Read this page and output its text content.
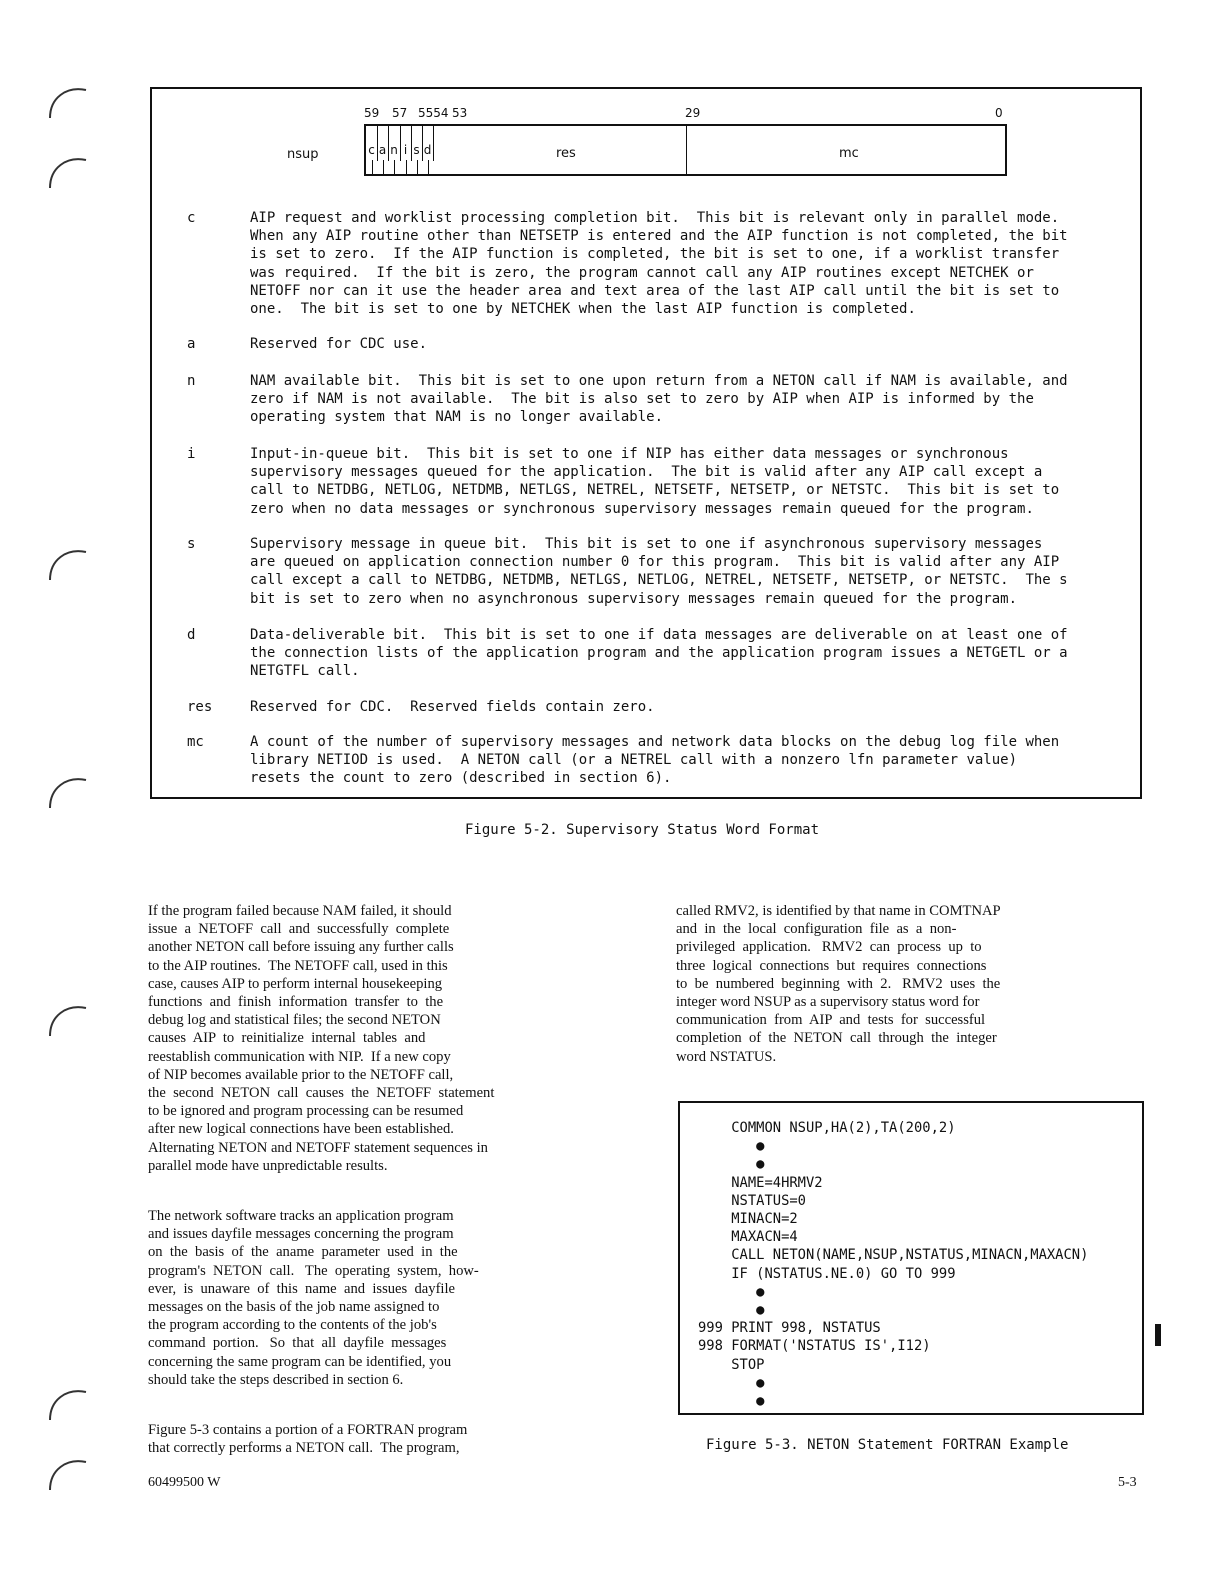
59 57 5554 53	29	0
nsup	c a n i s d	res	mc
c	AIP request and worklist processing completion bit.  This bit is relevant only in parallel mode.
When any AIP routine other than NETSETP is entered and the AIP function is not completed, the bit
is set to zero.  If the AIP function is completed, the bit is set to one, if a worklist transfer
was required.  If the bit is zero, the program cannot call any AIP routines except NETCHEK or
NETOFF nor can it use the header area and text area of the last AIP call until the bit is set to
one.  The bit is set to one by NETCHEK when the last AIP function is completed.
a	Reserved for CDC use.
n	NAM available bit.  This bit is set to one upon return from a NETON call if NAM is available, and
zero if NAM is not available.  The bit is also set to zero by AIP when AIP is informed by the
operating system that NAM is no longer available.
i	Input-in-queue bit.  This bit is set to one if NIP has either data messages or synchronous
supervisory messages queued for the application.  The bit is valid after any AIP call except a
call to NETDBG, NETLOG, NETDMB, NETLGS, NETREL, NETSETF, NETSETP, or NETSTC.  This bit is set to
zero when no data messages or synchronous supervisory messages remain queued for the program.
s	Supervisory message in queue bit.  This bit is set to one if asynchronous supervisory messages
are queued on application connection number 0 for this program.  This bit is valid after any AIP
call except a call to NETDBG, NETDMB, NETLGS, NETLOG, NETREL, NETSETF, NETSETP, or NETSTC.  The s
bit is set to zero when no asynchronous supervisory messages remain queued for the program.
d	Data-deliverable bit.  This bit is set to one if data messages are deliverable on at least one of
the connection lists of the application program and the application program issues a NETGETL or a
NETGTFL call.
res	Reserved for CDC.  Reserved fields contain zero.
mc	A count of the number of supervisory messages and network data blocks on the debug log file when
library NETIOD is used.  A NETON call (or a NETREL call with a nonzero lfn parameter value)
resets the count to zero (described in section 6).
Figure 5-2. Supervisory Status Word Format
If the program failed because NAM failed, it should
issue  a  NETOFF  call  and  successfully  complete
another NETON call before issuing any further calls
to the AIP routines.  The NETOFF call, used in this
case, causes AIP to perform internal housekeeping
functions  and  finish  information  transfer  to  the
debug log and statistical files; the second NETON
causes  AIP  to  reinitialize  internal  tables  and
reestablish communication with NIP.  If a new copy
of NIP becomes available prior to the NETOFF call,
the  second  NETON  call  causes  the  NETOFF  statement
to be ignored and program processing can be resumed
after new logical connections have been established.
Alternating NETON and NETOFF statement sequences in
parallel mode have unpredictable results.
The network software tracks an application program
and issues dayfile messages concerning the program
on  the  basis  of  the  aname  parameter  used  in  the
program's  NETON  call.   The  operating  system,  how-
ever,  is  unaware  of  this  name  and  issues  dayfile
messages on the basis of the job name assigned to
the program according to the contents of the job's
command  portion.   So  that  all  dayfile  messages
concerning the same program can be identified, you
should take the steps described in section 6.
Figure 5-3 contains a portion of a FORTRAN program
that correctly performs a NETON call.  The program,
called RMV2, is identified by that name in COMTNAP
and  in  the  local  configuration  file  as  a  non-
privileged  application.   RMV2  can  process  up  to
three  logical  connections  but  requires  connections
to  be  numbered  beginning  with  2.   RMV2  uses  the
integer word NSUP as a supervisory status word for
communication  from  AIP  and  tests  for  successful
completion  of  the  NETON  call  through  the  integer
word NSTATUS.
COMMON NSUP,HA(2),TA(200,2)
●
●
NAME=4HRMV2
NSTATUS=0
MINACN=2
MAXACN=4
CALL NETON(NAME,NSUP,NSTATUS,MINACN,MAXACN)
IF (NSTATUS.NE.0) GO TO 999
●
●
999 PRINT 998, NSTATUS
998 FORMAT('NSTATUS IS',I12)
STOP
●
●
Figure 5-3. NETON Statement FORTRAN Example
60499500 W	5-3
